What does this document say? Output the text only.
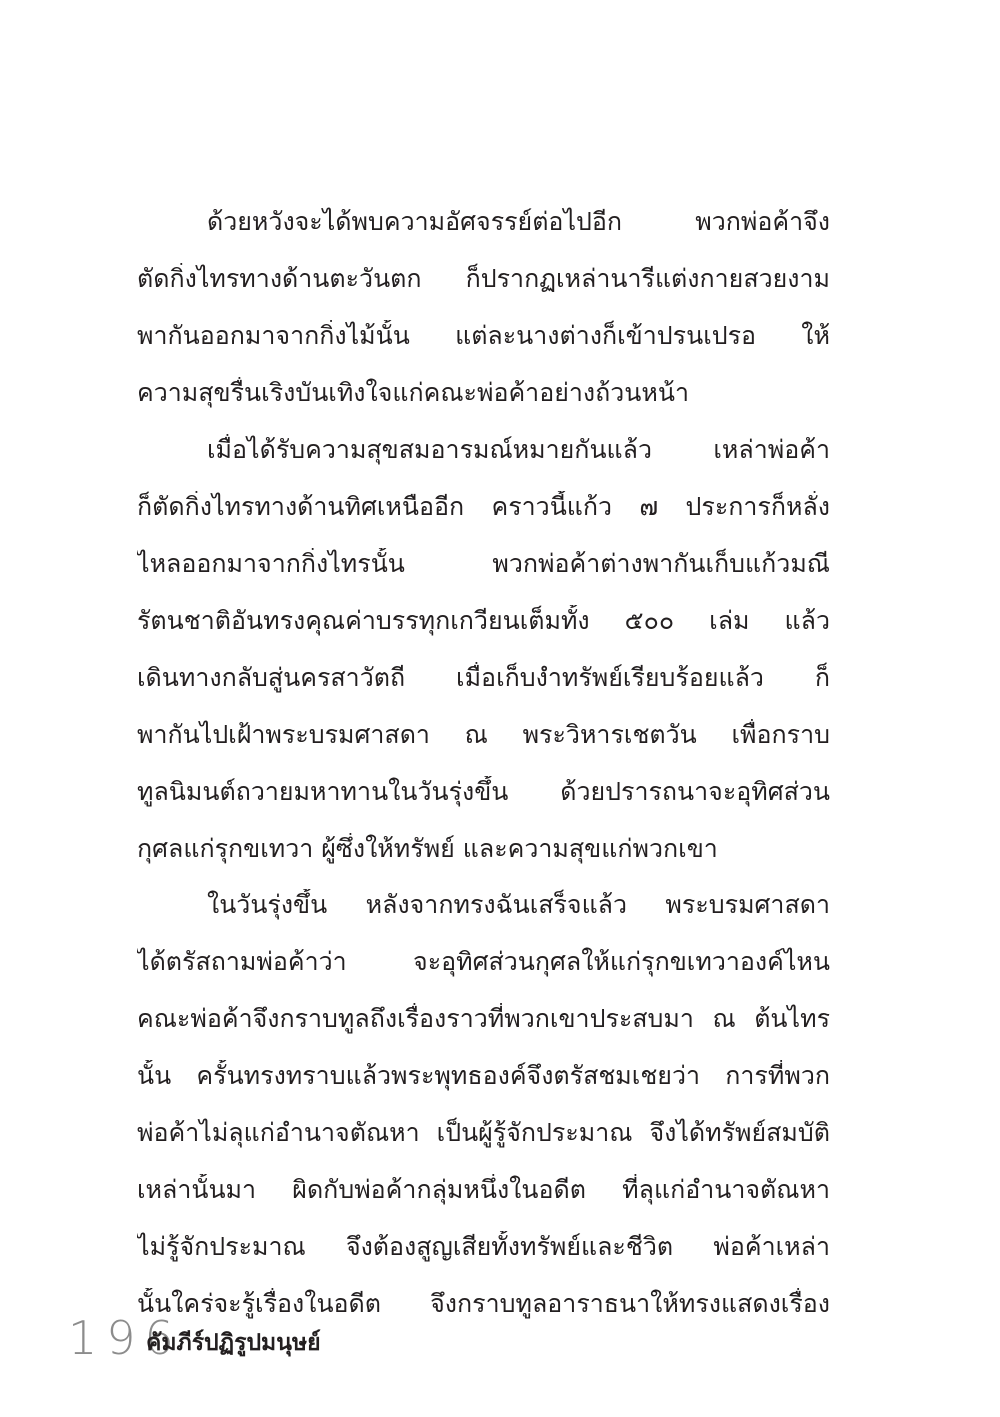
ด้วยหวังจะได้พบความอัศจรรย์ต่อไปอีก พวกพ่อค้าจึง
ตัดกิ่งไทรทางด้านตะวันตก ก็ปรากฏเหล่านารีแต่งกายสวยงาม
พากันออกมาจากกิ่งไม้นั้น แต่ละนางต่างก็เข้าปรนเปรอ ให้
ความสุขรื่นเริงบันเทิงใจแก่คณะพ่อค้าอย่างถ้วนหน้า
เมื่อได้รับความสุขสมอารมณ์หมายกันแล้ว เหล่าพ่อค้า
ก็ตัดกิ่งไทรทางด้านทิศเหนืออีก คราวนี้แก้ว ๗ ประการก็หลั่ง
ไหลออกมาจากกิ่งไทรนั้น พวกพ่อค้าต่างพากันเก็บแก้วมณี
รัตนชาติอันทรงคุณค่าบรรทุกเกวียนเต็มทั้ง ๕๐๐ เล่ม แล้ว
เดินทางกลับสู่นครสาวัตถี เมื่อเก็บงำทรัพย์เรียบร้อยแล้ว ก็
พากันไปเฝ้าพระบรมศาสดา ณ พระวิหารเชตวัน เพื่อกราบ
ทูลนิมนต์ถวายมหาทานในวันรุ่งขึ้น ด้วยปรารถนาจะอุทิศส่วน
กุศลแก่รุกขเทวา ผู้ซึ่งให้ทรัพย์ และความสุขแก่พวกเขา
ในวันรุ่งขึ้น หลังจากทรงฉันเสร็จแล้ว พระบรมศาสดา
ได้ตรัสถามพ่อค้าว่า จะอุทิศส่วนกุศลให้แก่รุกขเทวาองค์ไหน
คณะพ่อค้าจึงกราบทูลถึงเรื่องราวที่พวกเขาประสบมา ณ ต้นไทร
นั้น ครั้นทรงทราบแล้วพระพุทธองค์จึงตรัสชมเชยว่า การที่พวก
พ่อค้าไม่ลุแก่อำนาจตัณหา เป็นผู้รู้จักประมาณ จึงได้ทรัพย์สมบัติ
เหล่านั้นมา ผิดกับพ่อค้ากลุ่มหนึ่งในอดีต ที่ลุแก่อำนาจตัณหา
ไม่รู้จักประมาณ จึงต้องสูญเสียทั้งทรัพย์และชีวิต พ่อค้าเหล่า
นั้นใคร่จะรู้เรื่องในอดีต จึงกราบทูลอาราธนาให้ทรงแสดงเรื่อง
196
คัมภีร์ปฏิรูปมนุษย์
